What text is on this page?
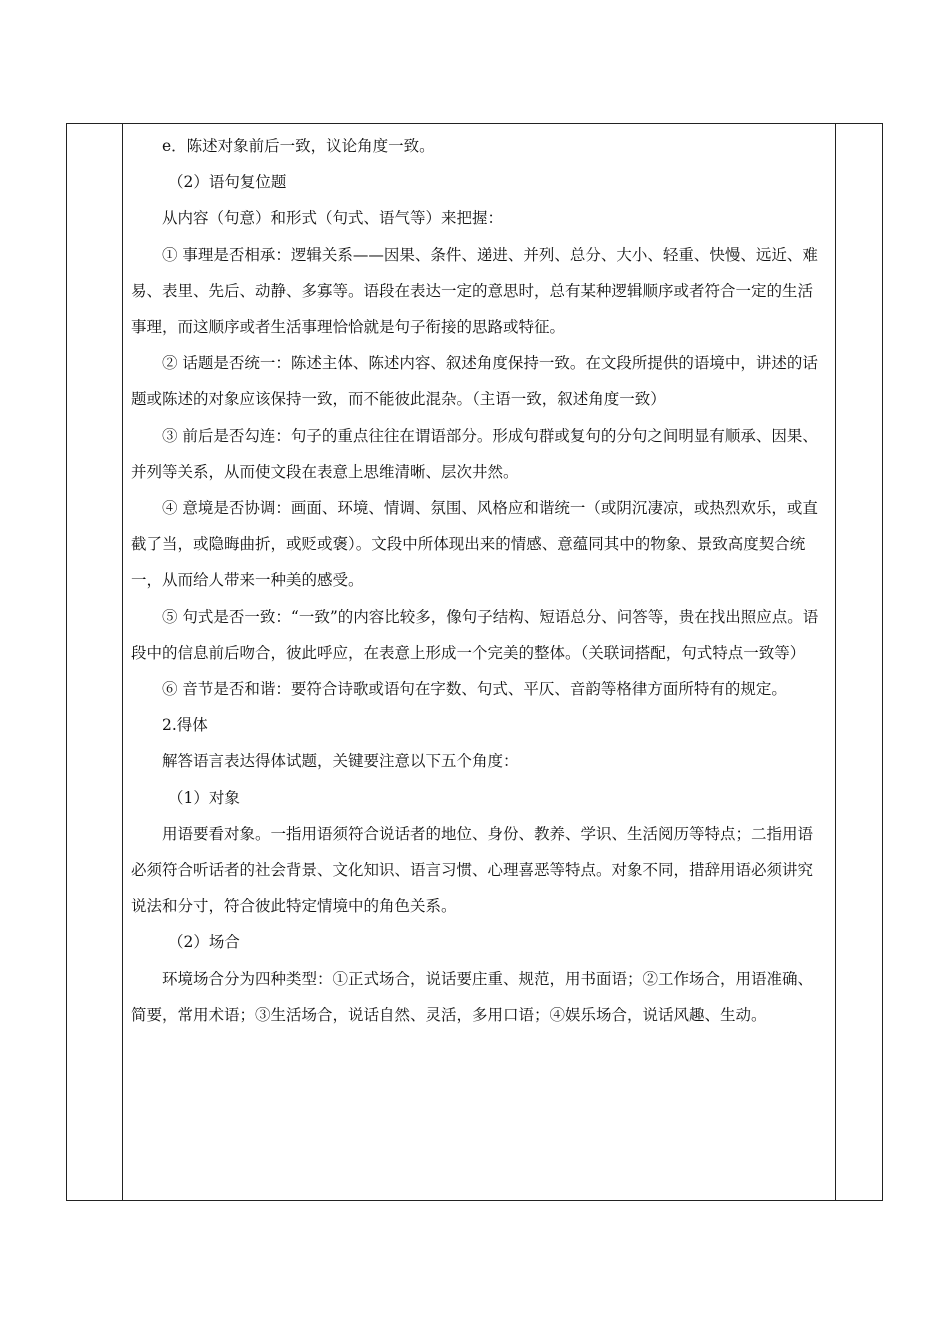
e．陈述对象前后一致，议论角度一致。

（2）语句复位题

从内容（句意）和形式（句式、语气等）来把握：

① 事理是否相承：逻辑关系——因果、条件、递进、并列、总分、大小、轻重、快慢、远近、难易、表里、先后、动静、多寡等。语段在表达一定的意思时，总有某种逻辑顺序或者符合一定的生活事理，而这顺序或者生活事理恰恰就是句子衔接的思路或特征。

② 话题是否统一：陈述主体、陈述内容、叙述角度保持一致。在文段所提供的语境中，讲述的话题或陈述的对象应该保持一致，而不能彼此混杂。（主语一致，叙述角度一致）

③ 前后是否勾连：句子的重点往往在谓语部分。形成句群或复句的分句之间明显有顺承、因果、并列等关系，从而使文段在表意上思维清晰、层次井然。

④ 意境是否协调：画面、环境、情调、氛围、风格应和谐统一（或阴沉凄凉，或热烈欢乐，或直截了当，或隐晦曲折，或贬或褒）。文段中所体现出来的情感、意蕴同其中的物象、景致高度契合统一，从而给人带来一种美的感受。

⑤ 句式是否一致：“一致”的内容比较多，像句子结构、短语总分、问答等，贵在找出照应点。语段中的信息前后吻合，彼此呼应，在表意上形成一个完美的整体。（关联词搭配，句式特点一致等）

⑥ 音节是否和谐：要符合诗歌或语句在字数、句式、平仄、音韵等格律方面所特有的规定。

2.得体

解答语言表达得体试题，关键要注意以下五个角度：

（1）对象

用语要看对象。一指用语须符合说话者的地位、身份、教养、学识、生活阅历等特点；二指用语必须符合听话者的社会背景、文化知识、语言习惯、心理喜恶等特点。对象不同，措辞用语必须讲究说法和分寸，符合彼此特定情境中的角色关系。

（2）场合

环境场合分为四种类型：①正式场合，说话要庄重、规范，用书面语；②工作场合，用语准确、简要，常用术语；③生活场合，说话自然、灵活，多用口语；④娱乐场合，说话风趣、生动。
